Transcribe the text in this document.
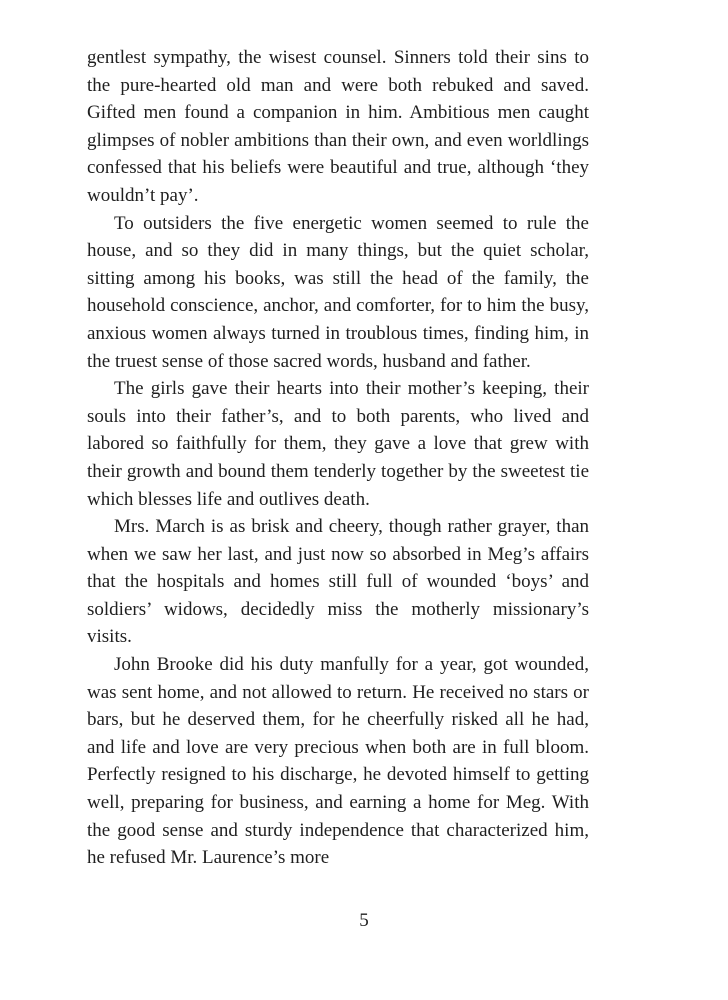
gentlest sympathy, the wisest counsel. Sinners told their sins to the pure-hearted old man and were both rebuked and saved. Gifted men found a companion in him. Ambitious men caught glimpses of nobler ambitions than their own, and even worldlings confessed that his beliefs were beautiful and true, although ‘they wouldn’t pay’.

To outsiders the five energetic women seemed to rule the house, and so they did in many things, but the quiet scholar, sitting among his books, was still the head of the family, the household conscience, anchor, and comforter, for to him the busy, anxious women always turned in troublous times, finding him, in the truest sense of those sacred words, husband and father.

The girls gave their hearts into their mother’s keeping, their souls into their father’s, and to both parents, who lived and labored so faithfully for them, they gave a love that grew with their growth and bound them tenderly together by the sweetest tie which blesses life and outlives death.

Mrs. March is as brisk and cheery, though rather grayer, than when we saw her last, and just now so absorbed in Meg’s affairs that the hospitals and homes still full of wounded ‘boys’ and soldiers’ widows, decidedly miss the motherly missionary’s visits.

John Brooke did his duty manfully for a year, got wounded, was sent home, and not allowed to return. He received no stars or bars, but he deserved them, for he cheerfully risked all he had, and life and love are very precious when both are in full bloom. Perfectly resigned to his discharge, he devoted himself to getting well, preparing for business, and earning a home for Meg. With the good sense and sturdy independence that characterized him, he refused Mr. Laurence’s more

5
